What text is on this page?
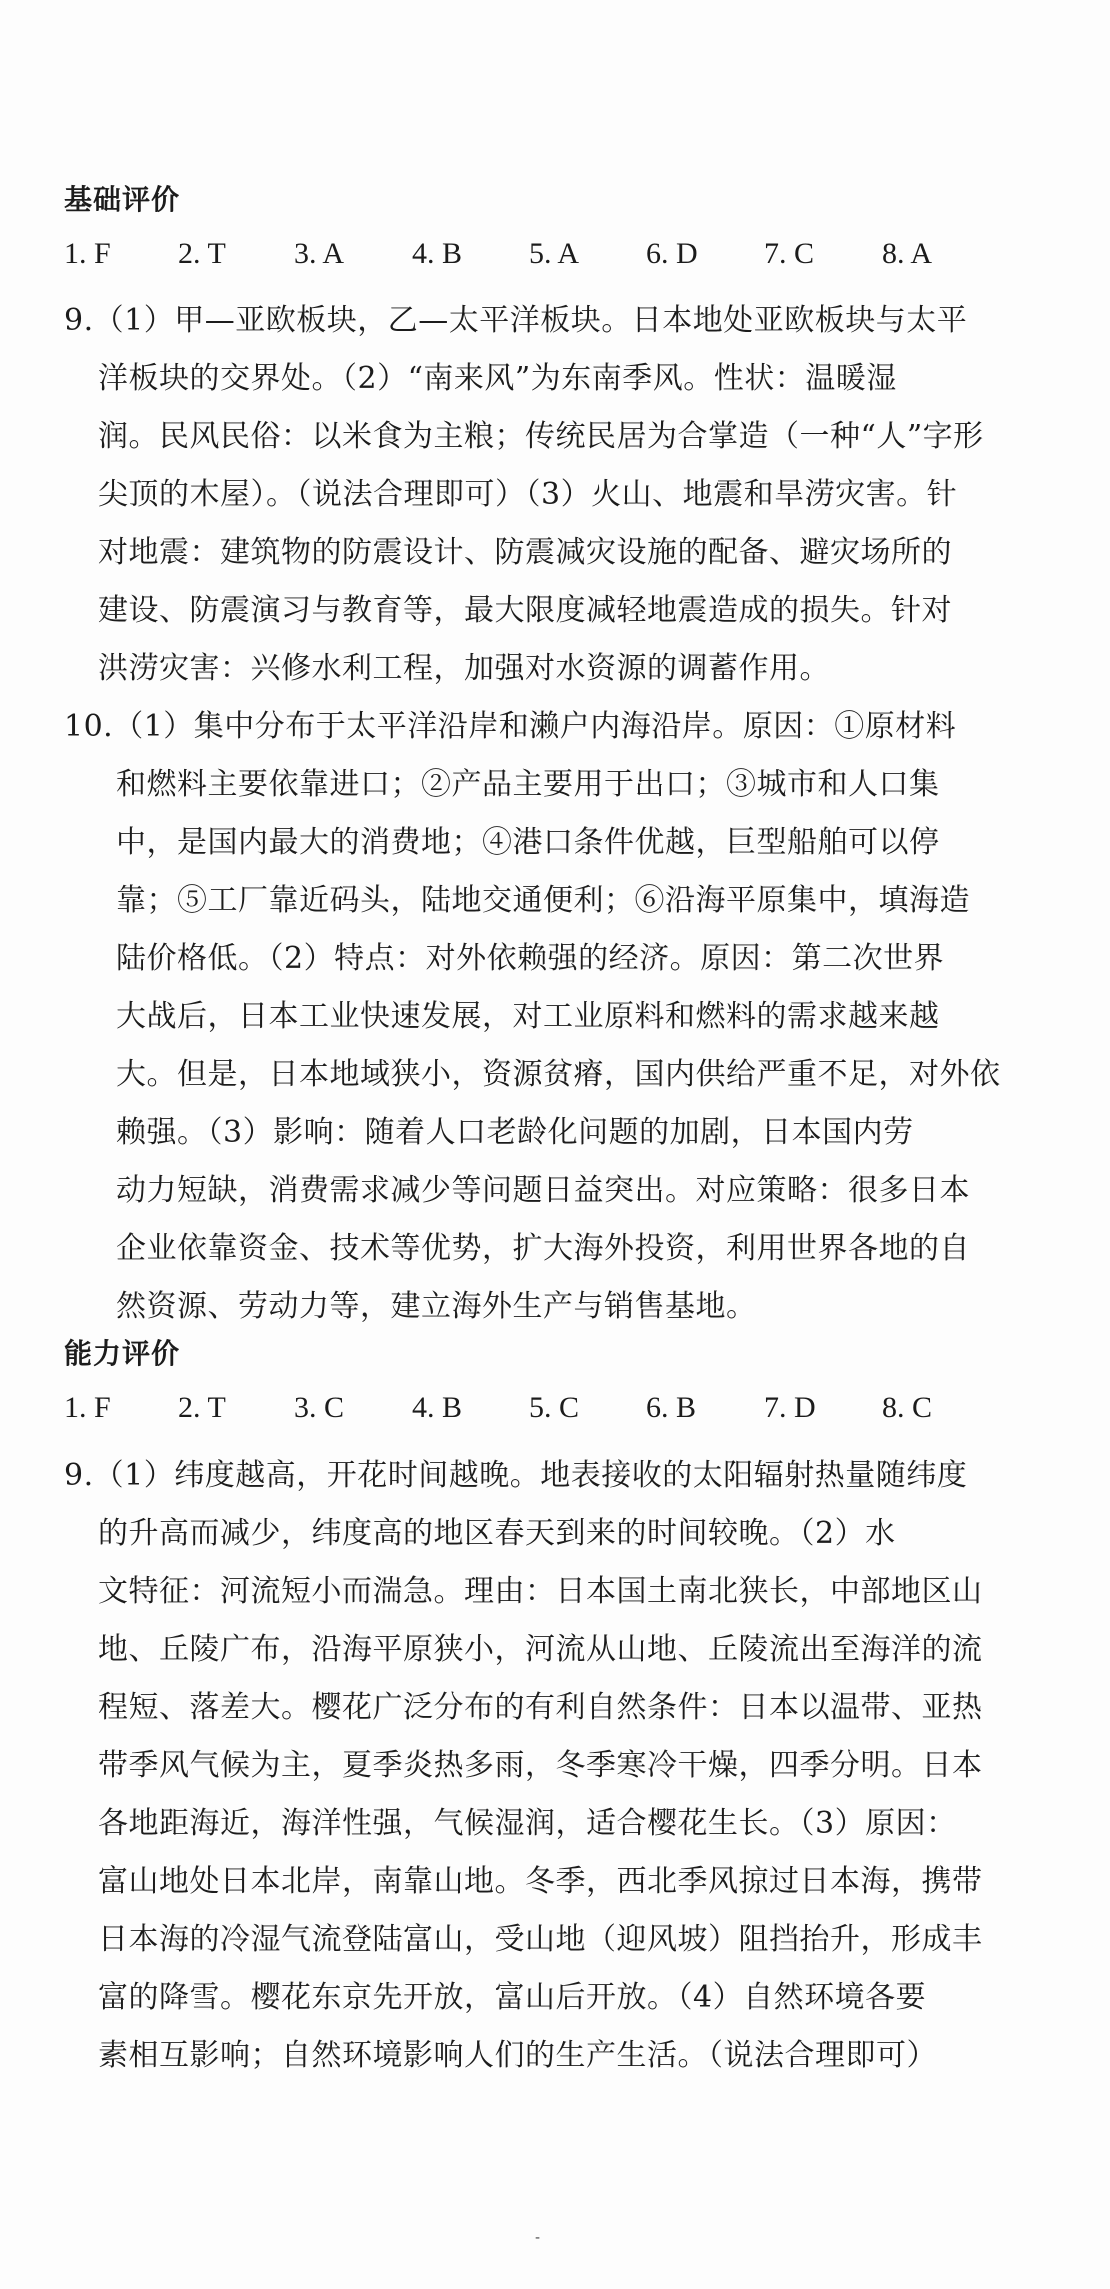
基础评价
1. F 2. T 3. A 4. B 5. A 6. D 7. C 8. A
9.（1）甲—亚欧板块，乙—太平洋板块。日本地处亚欧板块与太平
洋板块的交界处。（2）“南来风”为东南季风。性状：温暖湿
润。民风民俗：以米食为主粮；传统民居为合掌造（一种“人”字形
尖顶的木屋）。（说法合理即可）（3）火山、地震和旱涝灾害。针
对地震：建筑物的防震设计、防震减灾设施的配备、避灾场所的
建设、防震演习与教育等，最大限度减轻地震造成的损失。针对
洪涝灾害：兴修水利工程，加强对水资源的调蓄作用。
10.（1）集中分布于太平洋沿岸和濑户内海沿岸。原因：①原材料
和燃料主要依靠进口；②产品主要用于出口；③城市和人口集
中，是国内最大的消费地；④港口条件优越，巨型船舶可以停
靠；⑤工厂靠近码头，陆地交通便利；⑥沿海平原集中，填海造
陆价格低。（2）特点：对外依赖强的经济。原因：第二次世界
大战后，日本工业快速发展，对工业原料和燃料的需求越来越
大。但是，日本地域狭小，资源贫瘠，国内供给严重不足，对外依
赖强。（3）影响：随着人口老龄化问题的加剧，日本国内劳
动力短缺，消费需求减少等问题日益突出。对应策略：很多日本
企业依靠资金、技术等优势，扩大海外投资，利用世界各地的自
然资源、劳动力等，建立海外生产与销售基地。
能力评价
1. F 2. T 3. C 4. B 5. C 6. B 7. D 8. C
9.（1）纬度越高，开花时间越晚。地表接收的太阳辐射热量随纬度
的升高而减少，纬度高的地区春天到来的时间较晚。（2）水
文特征：河流短小而湍急。理由：日本国土南北狭长，中部地区山
地、丘陵广布，沿海平原狭小，河流从山地、丘陵流出至海洋的流
程短、落差大。樱花广泛分布的有利自然条件：日本以温带、亚热
带季风气候为主，夏季炎热多雨，冬季寒冷干燥，四季分明。日本
各地距海近，海洋性强，气候湿润，适合樱花生长。（3）原因：
富山地处日本北岸，南靠山地。冬季，西北季风掠过日本海，携带
日本海的冷湿气流登陆富山，受山地（迎风坡）阻挡抬升，形成丰
富的降雪。樱花东京先开放，富山后开放。（4）自然环境各要
素相互影响；自然环境影响人们的生产生活。（说法合理即可）
-
